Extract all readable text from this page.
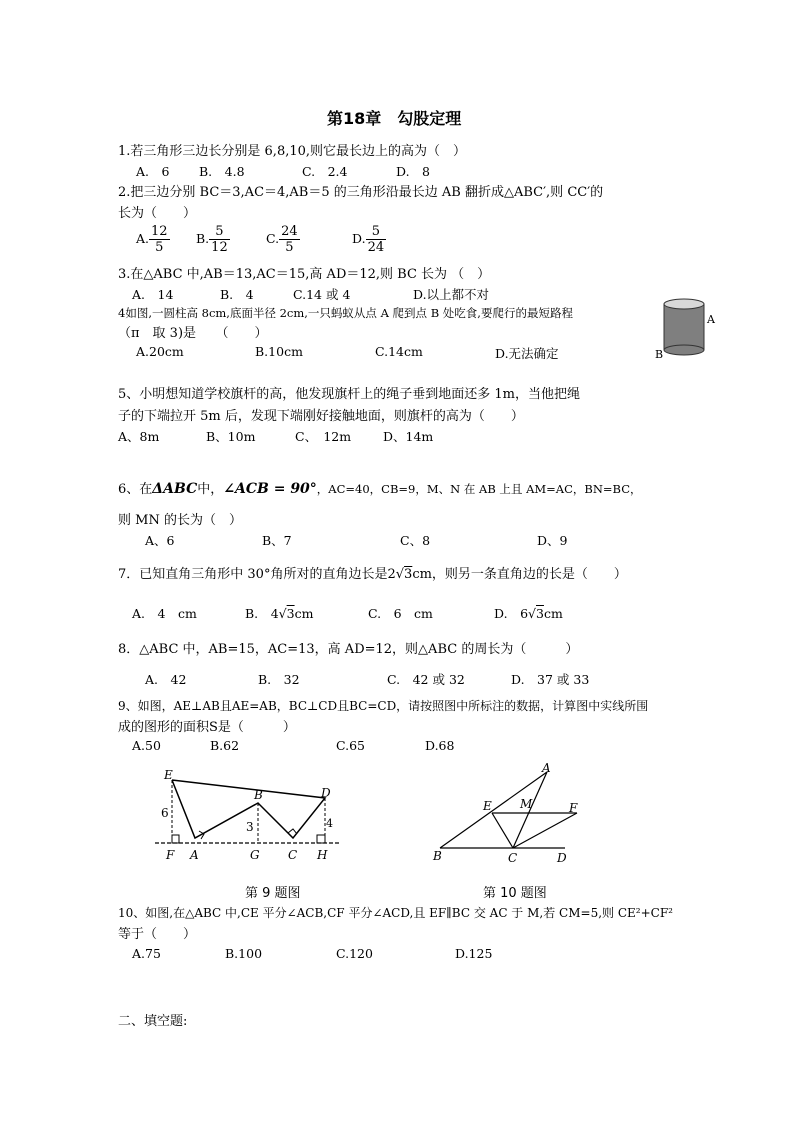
第18章　勾股定理
1.若三角形三边长分别是 6,8,10,则它最长边上的高为（　）
A.　6 B.　4.8	C.　2.4	D.　8
2.把三边分别 BC＝3,AC＝4,AB＝5 的三角形沿最长边 AB 翻折成△ABC′,则 CC′的
长为（　　）
A. $\frac{12}{5} B$. $\frac{5}{12}$	C. $\frac{24}{5}$	D. $\frac{5}{24}$
3.在△ABC 中,AB＝13,AC＝15,高 AD＝12,则 BC 长为 （　）
A.　14	B.　4	C.14 或 4	D.以上都不对
4如图,一圆柱高 8cm,底面半径 2cm,一只蚂蚁从点 A 爬到点 B 处吃食,要爬行的最短路程
（π　取 3)是　　（　　）
A.20cm	B.10cm	C.14cm	D.无法确定
A
B
5、小明想知道学校旗杆的高，他发现旗杆上的绳子垂到地面还多 1m，当他把绳
子的下端拉开 5m 后，发现下端刚好接触地面，则旗杆的高为（　　）
A、8m	B、10m	C、　12m	D、14m
6、在ΔABC中，∠ACB = 90°，AC=40，CB=9，M、N 在 AB 上且 AM=AC，BN=BC，
则 MN 的长为（　）
A、6	B、7	C、8	D、9
7．已知直角三角形中 30°角所对的直角边长是2√3cm，则另一条直角边的长是（　　）
A.　4　cm	B.　 4√3cm	C.　6　cm	D.　 6√3cm
8．△ABC 中，AB=15，AC=13，高 AD=12，则△ABC 的周长为（　　　）
A.　42	B.　32	C.　42 或 32	D.　37 或 33
9、如图，AE⊥AB且AE=AB，BC⊥CD且BC=CD，请按照图中所标注的数据，计算图中实线所围
成的图形的面积S是（　　　）
A.50	B.62	C.65	D.68
E
B	D
F A	G C H
6
3	4
第 9 题图
A
E M	F
B	C	D
第 10 题图
10、如图,在△ABC 中,CE 平分∠ACB,CF 平分∠ACD,且 EF∥BC 交 AC 于 M,若 CM=5,则 CE²+CF²
等于（　　）
A.75	B.100	C.120	D.125
二、填空题:
